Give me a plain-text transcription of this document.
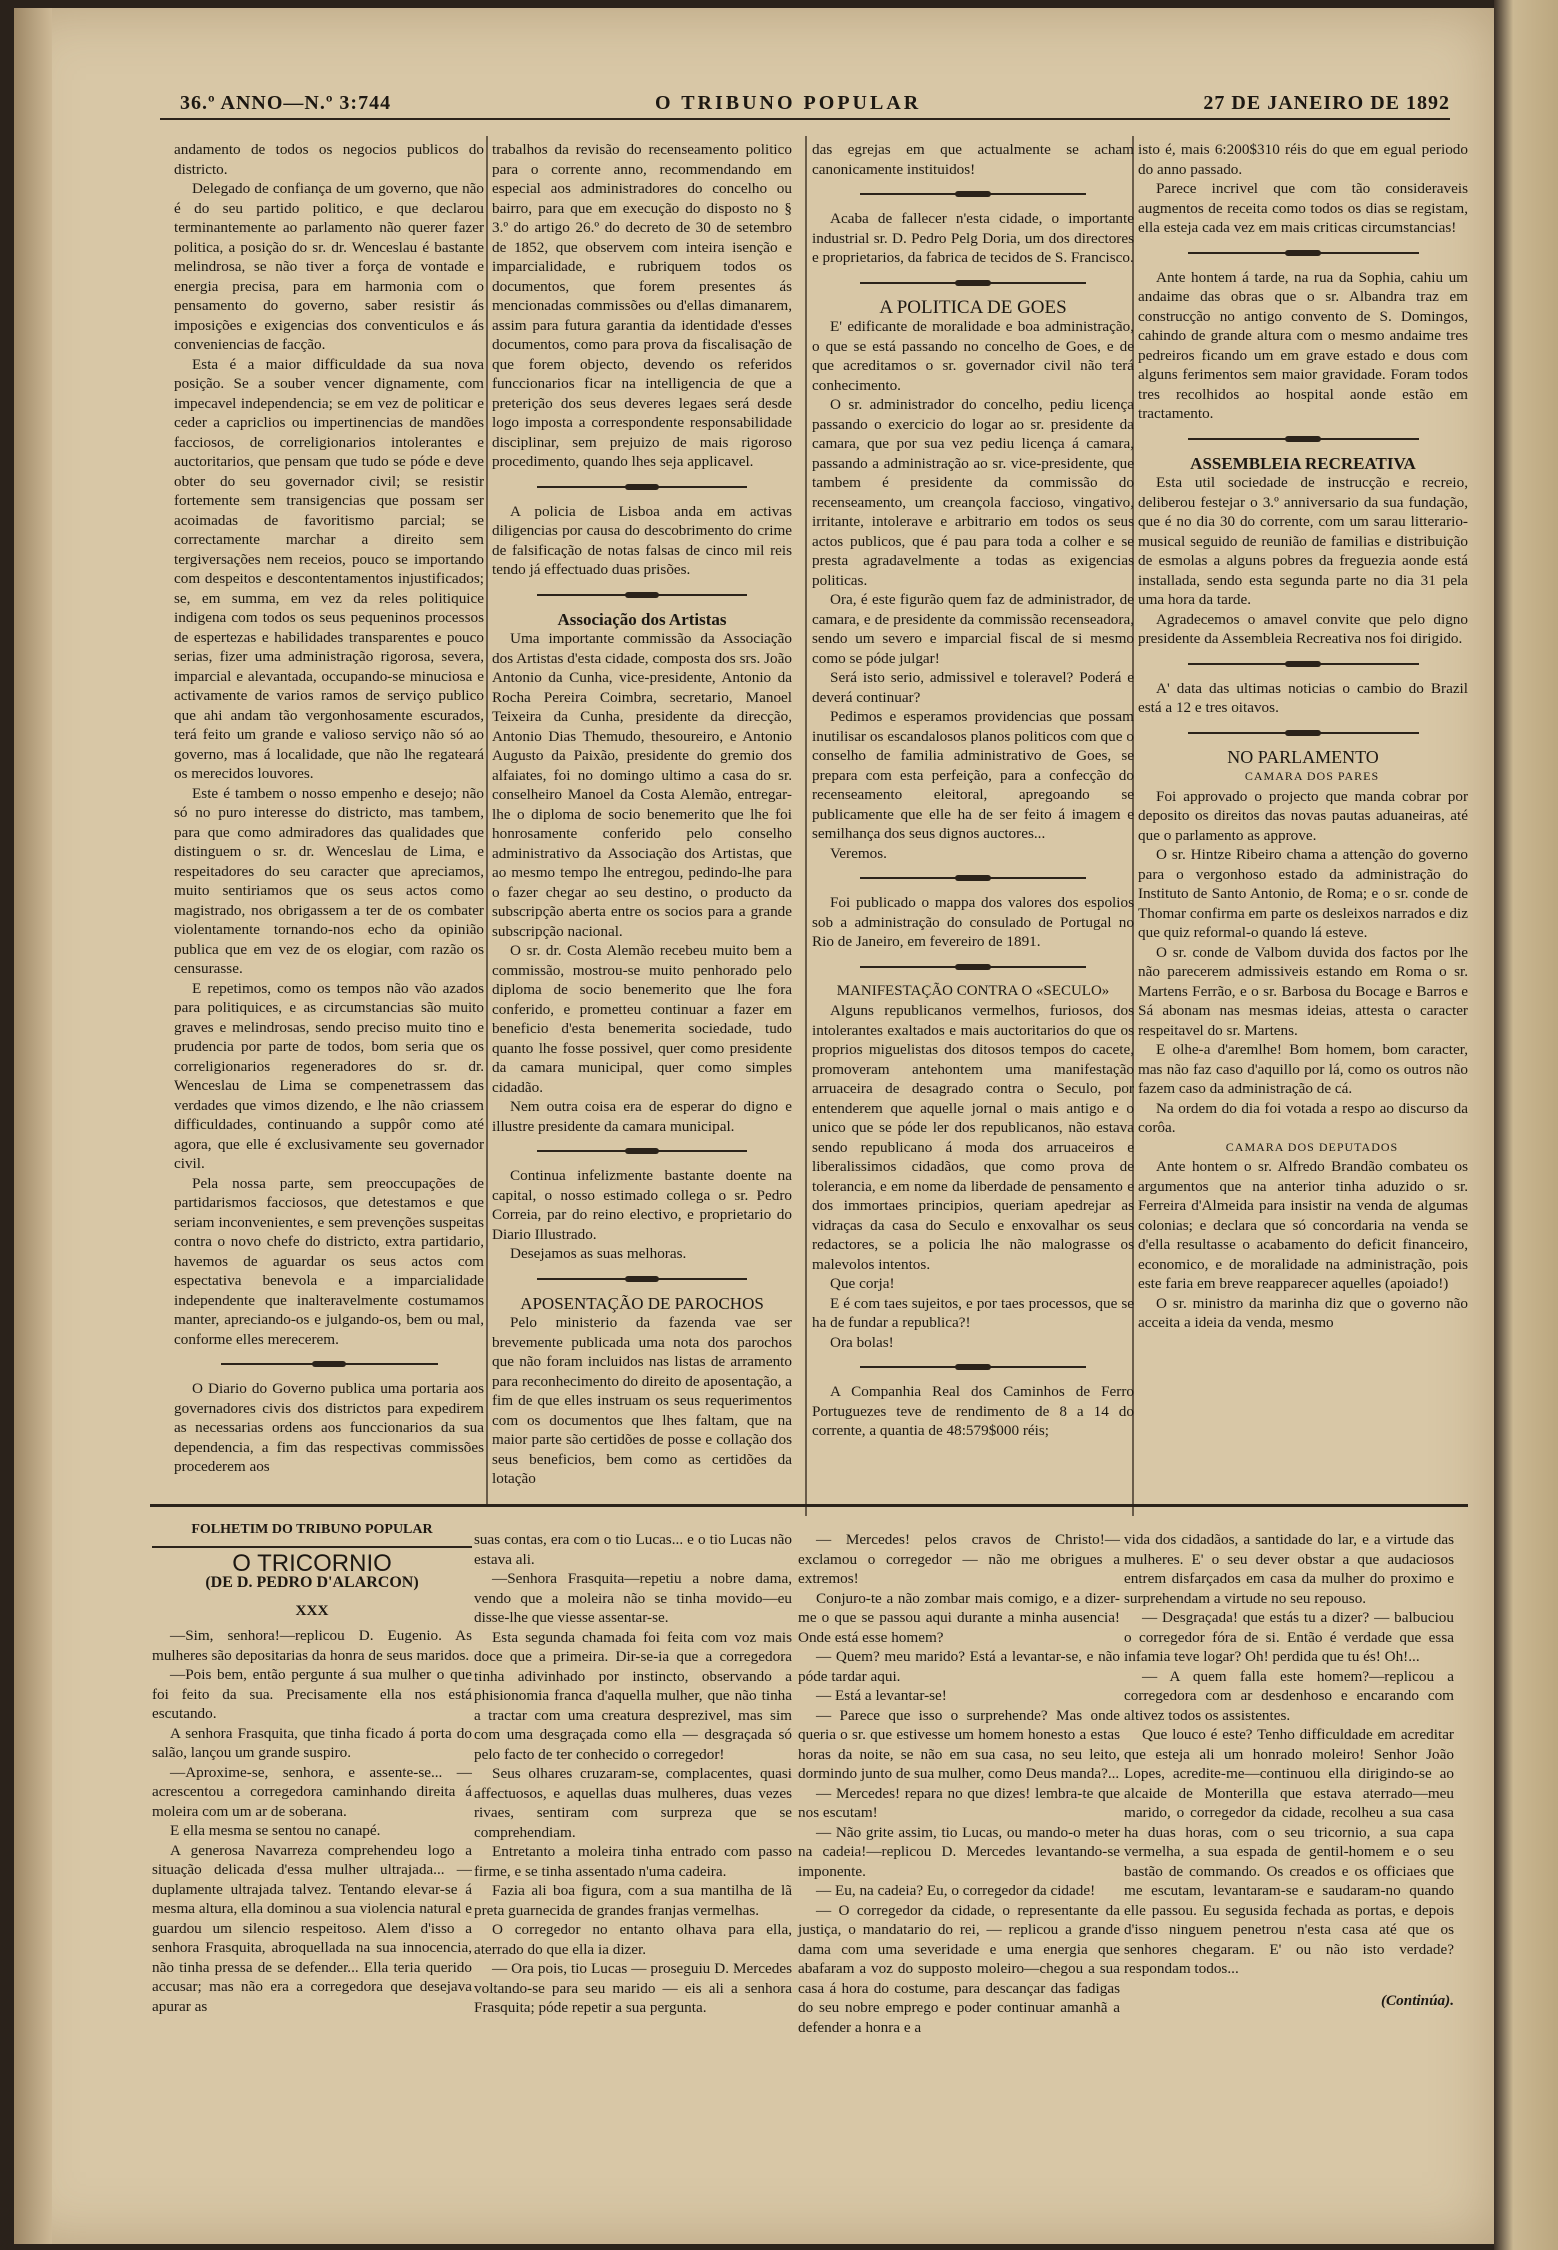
36.º ANNO—N.º 3:744	O TRIBUNO POPULAR	27 DE JANEIRO DE 1892

andamento de todos os negocios publicos do districto.

Delegado de confiança de um governo, que não é do seu partido politico, e que declarou terminantemente ao parlamento não querer fazer politica, a posição do sr. dr. Wenceslau é bastante melindrosa, se não tiver a força de vontade e energia precisa, para em harmonia com o pensamento do governo, saber resistir ás imposições e exigencias dos conventiculos e ás conveniencias de facção.

Esta é a maior difficuldade da sua nova posição. Se a souber vencer dignamente, com impecavel independencia; se em vez de politicar e ceder a capriclios ou impertinencias de mandões facciosos, de correligionarios intolerantes e auctoritarios, que pensam que tudo se póde e deve obter do seu governador civil; se resistir fortemente sem transigencias que possam ser acoimadas de favoritismo parcial; se correctamente marchar a direito sem tergiversações nem receios, pouco se importando com despeitos e descontentamentos injustificados; se, em summa, em vez da reles politiquice indigena com todos os seus pequeninos processos de espertezas e habilidades transparentes e pouco serias, fizer uma administração rigorosa, severa, imparcial e alevantada, occupando-se minuciosa e activamente de varios ramos de serviço publico que ahi andam tão vergonhosamente escurados, terá feito um grande e valioso serviço não só ao governo, mas á localidade, que não lhe regateará os merecidos louvores.

Este é tambem o nosso empenho e desejo; não só no puro interesse do districto, mas tambem, para que como admiradores das qualidades que distinguem o sr. dr. Wenceslau de Lima, e respeitadores do seu caracter que apreciamos, muito sentiriamos que os seus actos como magistrado, nos obrigassem a ter de os combater violentamente tornando-nos echo da opinião publica que em vez de os elogiar, com razão os censurasse.

E repetimos, como os tempos não vão azados para politiquices, e as circumstancias são muito graves e melindrosas, sendo preciso muito tino e prudencia por parte de todos, bom seria que os correligionarios regeneradores do sr. dr. Wenceslau de Lima se compenetrassem das verdades que vimos dizendo, e lhe não criassem difficuldades, continuando a suppôr como até agora, que elle é exclusivamente seu governador civil.

Pela nossa parte, sem preoccupações de partidarismos facciosos, que detestamos e que seriam inconvenientes, e sem prevenções suspeitas contra o novo chefe do districto, extra partidario, havemos de aguardar os seus actos com espectativa benevola e a imparcialidade independente que inalteravelmente costumamos manter, apreciando-os e julgando-os, bem ou mal, conforme elles merecerem.

O Diario do Governo publica uma portaria aos governadores civis dos districtos para expedirem as necessarias ordens aos funccionarios da sua dependencia, a fim das respectivas commissões procederem aos

trabalhos da revisão do recenseamento politico para o corrente anno, recommendando em especial aos administradores do concelho ou bairro, para que em execução do disposto no § 3.º do artigo 26.º do decreto de 30 de setembro de 1852, que observem com inteira isenção e imparcialidade, e rubriquem todos os documentos, que forem presentes ás mencionadas commissões ou d'ellas dimanarem, assim para futura garantia da identidade d'esses documentos, como para prova da fiscalisação de que forem objecto, devendo os referidos funccionarios ficar na intelligencia de que a preterição dos seus deveres legaes será desde logo imposta a correspondente responsabilidade disciplinar, sem prejuizo de mais rigoroso procedimento, quando lhes seja applicavel.

A policia de Lisboa anda em activas diligencias por causa do descobrimento do crime de falsificação de notas falsas de cinco mil reis tendo já effectuado duas prisões.

Associação dos Artistas

Uma importante commissão da Associação dos Artistas d'esta cidade, composta dos srs. João Antonio da Cunha, vice-presidente, Antonio da Rocha Pereira Coimbra, secretario, Manoel Teixeira da Cunha, presidente da direcção, Antonio Dias Themudo, thesoureiro, e Antonio Augusto da Paixão, presidente do gremio dos alfaiates, foi no domingo ultimo a casa do sr. conselheiro Manoel da Costa Alemão, entregar-lhe o diploma de socio benemerito que lhe foi honrosamente conferido pelo conselho administrativo da Associação dos Artistas, que ao mesmo tempo lhe entregou, pedindo-lhe para o fazer chegar ao seu destino, o producto da subscripção aberta entre os socios para a grande subscripção nacional.

O sr. dr. Costa Alemão recebeu muito bem a commissão, mostrou-se muito penhorado pelo diploma de socio benemerito que lhe fora conferido, e prometteu continuar a fazer em beneficio d'esta benemerita sociedade, tudo quanto lhe fosse possivel, quer como presidente da camara municipal, quer como simples cidadão.

Nem outra coisa era de esperar do digno e illustre presidente da camara municipal.

Continua infelizmente bastante doente na capital, o nosso estimado collega o sr. Pedro Correia, par do reino electivo, e proprietario do Diario Illustrado.

Desejamos as suas melhoras.

APOSENTAÇÃO DE PAROCHOS

Pelo ministerio da fazenda vae ser brevemente publicada uma nota dos parochos que não foram incluidos nas listas de arramento para reconhecimento do direito de aposentação, a fim de que elles instruam os seus requerimentos com os documentos que lhes faltam, que na maior parte são certidões de posse e collação dos seus beneficios, bem como as certidões da lotação

das egrejas em que actualmente se acham canonicamente instituidos!

Acaba de fallecer n'esta cidade, o importante industrial sr. D. Pedro Pelg Doria, um dos directores e proprietarios, da fabrica de tecidos de S. Francisco.

A POLITICA DE GOES

E' edificante de moralidade e boa administração, o que se está passando no concelho de Goes, e de que acreditamos o sr. governador civil não terá conhecimento.

O sr. administrador do concelho, pediu licença passando o exercicio do logar ao sr. presidente da camara, que por sua vez pediu licença á camara, passando a administração ao sr. vice-presidente, que tambem é presidente da commissão do recenseamento, um creançola faccioso, vingativo, irritante, intolerave e arbitrario em todos os seus actos publicos, que é pau para toda a colher e se presta agradavelmente a todas as exigencias politicas.

Ora, é este figurão quem faz de administrador, de camara, e de presidente da commissão recenseadora, sendo um severo e imparcial fiscal de si mesmo como se póde julgar!

Será isto serio, admissivel e toleravel? Poderá e deverá continuar?

Pedimos e esperamos providencias que possam inutilisar os escandalosos planos politicos com que o conselho de familia administrativo de Goes, se prepara com esta perfeição, para a confecção do recenseamento eleitoral, apregoando se publicamente que elle ha de ser feito á imagem e semilhança dos seus dignos auctores...

Veremos.

Foi publicado o mappa dos valores dos espolios sob a administração do consulado de Portugal no Rio de Janeiro, em fevereiro de 1891.

MANIFESTAÇÃO CONTRA O «SECULO»

Alguns republicanos vermelhos, furiosos, dos intolerantes exaltados e mais auctoritarios do que os proprios miguelistas dos ditosos tempos do cacete, promoveram antehontem uma manifestação arruaceira de desagrado contra o Seculo, por entenderem que aquelle jornal o mais antigo e o unico que se póde ler dos republicanos, não estava sendo republicano á moda dos arruaceiros e liberalissimos cidadãos, que como prova de tolerancia, e em nome da liberdade de pensamento e dos immortaes principios, queriam apedrejar as vidraças da casa do Seculo e enxovalhar os seus redactores, se a policia lhe não malograsse os malevolos intentos.

Que corja!

E é com taes sujeitos, e por taes processos, que se ha de fundar a republica?!

Ora bolas!

A Companhia Real dos Caminhos de Ferro Portuguezes teve de rendimento de 8 a 14 do corrente, a quantia de 48:579$000 réis;

isto é, mais 6:200$310 réis do que em egual periodo do anno passado.

Parece incrivel que com tão consideraveis augmentos de receita como todos os dias se registam, ella esteja cada vez em mais criticas circumstancias!

Ante hontem á tarde, na rua da Sophia, cahiu um andaime das obras que o sr. Albandra traz em construcção no antigo convento de S. Domingos, cahindo de grande altura com o mesmo andaime tres pedreiros ficando um em grave estado e dous com alguns ferimentos sem maior gravidade. Foram todos tres recolhidos ao hospital aonde estão em tractamento.

ASSEMBLEIA RECREATIVA

Esta util sociedade de instrucção e recreio, deliberou festejar o 3.º anniversario da sua fundação, que é no dia 30 do corrente, com um sarau litterario-musical seguido de reunião de familias e distribuição de esmolas a alguns pobres da freguezia aonde está installada, sendo esta segunda parte no dia 31 pela uma hora da tarde.

Agradecemos o amavel convite que pelo digno presidente da Assembleia Recreativa nos foi dirigido.

A' data das ultimas noticias o cambio do Brazil está a 12 e tres oitavos.

NO PARLAMENTO

CAMARA DOS PARES

Foi approvado o projecto que manda cobrar por deposito os direitos das novas pautas aduaneiras, até que o parlamento as approve.

O sr. Hintze Ribeiro chama a attenção do governo para o vergonhoso estado da administração do Instituto de Santo Antonio, de Roma; e o sr. conde de Thomar confirma em parte os desleixos narrados e diz que quiz reformal-o quando lá esteve.

O sr. conde de Valbom duvida dos factos por lhe não parecerem admissiveis estando em Roma o sr. Martens Ferrão, e o sr. Barbosa du Bocage e Barros e Sá abonam nas mesmas ideias, attesta o caracter respeitavel do sr. Martens.

E olhe-a d'aremlhe! Bom homem, bom caracter, mas não faz caso d'aquillo por lá, como os outros não fazem caso da administração de cá.

Na ordem do dia foi votada a respo ao discurso da corôa.

CAMARA DOS DEPUTADOS

Ante hontem o sr. Alfredo Brandão combateu os argumentos que na anterior tinha aduzido o sr. Ferreira d'Almeida para insistir na venda de algumas colonias; e declara que só concordaria na venda se d'ella resultasse o acabamento do deficit financeiro, economico, e de moralidade na administração, pois este faria em breve reapparecer aquelles (apoiado!)

O sr. ministro da marinha diz que o governo não acceita a ideia da venda, mesmo

FOLHETIM DO TRIBUNO POPULAR
O TRICORNIO
(DE D. PEDRO D'ALARCON)
XXX

—Sim, senhora!—replicou D. Eugenio. As mulheres são depositarias da honra de seus maridos.

—Pois bem, então pergunte á sua mulher o que foi feito da sua. Precisamente ella nos está escutando.

A senhora Frasquita, que tinha ficado á porta do salão, lançou um grande suspiro.

—Aproxime-se, senhora, e assente-se... —acrescentou a corregedora caminhando direita á moleira com um ar de soberana.

E ella mesma se sentou no canapé.

A generosa Navarreza comprehendeu logo a situação delicada d'essa mulher ultrajada... — duplamente ultrajada talvez. Tentando elevar-se á mesma altura, ella dominou a sua violencia natural e guardou um silencio respeitoso. Alem d'isso a senhora Frasquita, abroquellada na sua innocencia, não tinha pressa de se defender... Ella teria querido accusar; mas não era a corregedora que desejava apurar as

suas contas, era com o tio Lucas... e o tio Lucas não estava ali.

—Senhora Frasquita—repetiu a nobre dama, vendo que a moleira não se tinha movido—eu disse-lhe que viesse assentar-se.

Esta segunda chamada foi feita com voz mais doce que a primeira. Dir-se-ia que a corregedora tinha adivinhado por instincto, observando a phisionomia franca d'aquella mulher, que não tinha a tractar com uma creatura desprezivel, mas sim com uma desgraçada como ella — desgraçada só pelo facto de ter conhecido o corregedor!

Seus olhares cruzaram-se, complacentes, quasi affectuosos, e aquellas duas mulheres, duas vezes rivaes, sentiram com surpreza que se comprehendiam.

Entretanto a moleira tinha entrado com passo firme, e se tinha assentado n'uma cadeira.

Fazia ali boa figura, com a sua mantilha de lã preta guarnecida de grandes franjas vermelhas.

O corregedor no entanto olhava para ella, aterrado do que ella ia dizer.

— Ora pois, tio Lucas — proseguiu D. Mercedes voltando-se para seu marido — eis ali a senhora Frasquita; póde repetir a sua pergunta.

— Mercedes! pelos cravos de Christo!—exclamou o corregedor — não me obrigues a extremos!

Conjuro-te a não zombar mais comigo, e a dizer-me o que se passou aqui durante a minha ausencia! Onde está esse homem?

— Quem? meu marido? Está a levantar-se, e não póde tardar aqui.

— Está a levantar-se!

— Parece que isso o surprehende? Mas onde queria o sr. que estivesse um homem honesto a estas horas da noite, se não em sua casa, no seu leito, dormindo junto de sua mulher, como Deus manda?...

— Mercedes! repara no que dizes! lembra-te que nos escutam!

— Não grite assim, tio Lucas, ou mando-o meter na cadeia!—replicou D. Mercedes levantando-se imponente.

— Eu, na cadeia? Eu, o corregedor da cidade!

— O corregedor da cidade, o representante da justiça, o mandatario do rei, — replicou a grande dama com uma severidade e uma energia que abafaram a voz do supposto moleiro—chegou a sua casa á hora do costume, para descançar das fadigas do seu nobre emprego e poder continuar amanhã a defender a honra e a

vida dos cidadãos, a santidade do lar, e a virtude das mulheres. E' o seu dever obstar a que audaciosos entrem disfarçados em casa da mulher do proximo e surprehendam a virtude no seu repouso.

— Desgraçada! que estás tu a dizer? — balbuciou o corregedor fóra de si. Então é verdade que essa infamia teve logar? Oh! perdida que tu és! Oh!...

— A quem falla este homem?—replicou a corregedora com ar desdenhoso e encarando com altivez todos os assistentes.

Que louco é este? Tenho difficuldade em acreditar que esteja ali um honrado moleiro! Senhor João Lopes, acredite-me—continuou ella dirigindo-se ao alcaide de Monterilla que estava aterrado—meu marido, o corregedor da cidade, recolheu a sua casa ha duas horas, com o seu tricornio, a sua capa vermelha, a sua espada de gentil-homem e o seu bastão de commando. Os creados e os officiaes que me escutam, levantaram-se e saudaram-no quando elle passou. Eu segusida fechada as portas, e depois d'isso ninguem penetrou n'esta casa até que os senhores chegaram. E' ou não isto verdade? respondam todos...

(Continúa).
